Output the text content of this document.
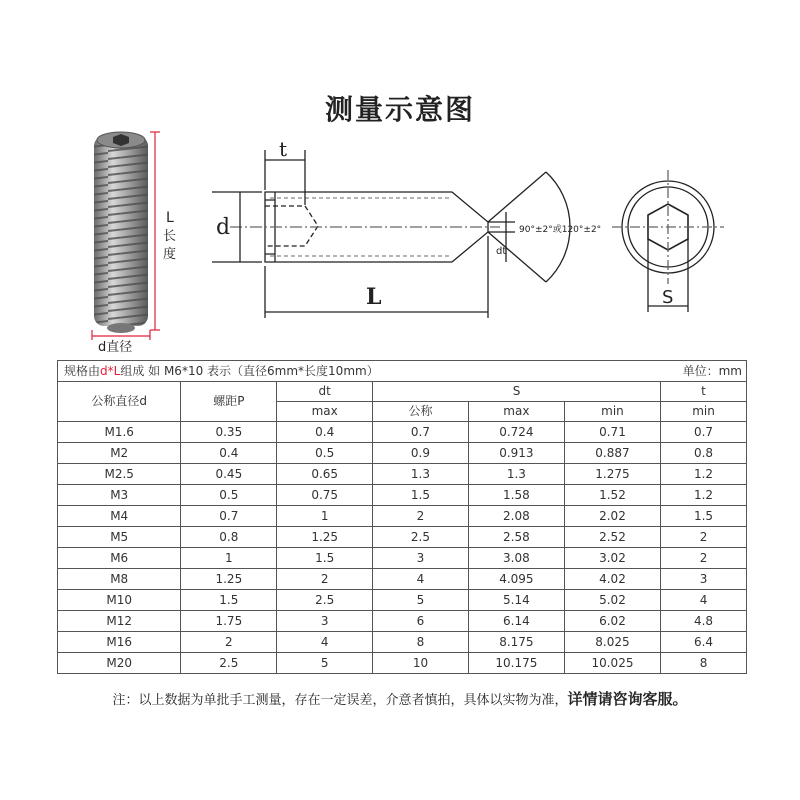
测量示意图
L
长
度
d直径
t
d
L
90°±2°或120°±2°
dt
S
规格由d*L组成 如 M6*10 表示（直径6mm*长度10mm） 单位：mm						

公称直径d	螺距P	dt	S			t
		max	公称	max	min	min
M1.6	0.35	0.4	0.7	0.724	0.71	0.7
M2	0.4	0.5	0.9	0.913	0.887	0.8
M2.5	0.45	0.65	1.3	1.3	1.275	1.2
M3	0.5	0.75	1.5	1.58	1.52	1.2
M4	0.7	1	2	2.08	2.02	1.5
M5	0.8	1.25	2.5	2.58	2.52	2
M6	1	1.5	3	3.08	3.02	2
M8	1.25	2	4	4.095	4.02	3
M10	1.5	2.5	5	5.14	5.02	4
M12	1.75	3	6	6.14	6.02	4.8
M16	2	4	8	8.175	8.025	6.4
M20	2.5	5	10	10.175	10.025	8
注：以上数据为单批手工测量，存在一定误差，介意者慎拍，具体以实物为准，详情请咨询客服。
